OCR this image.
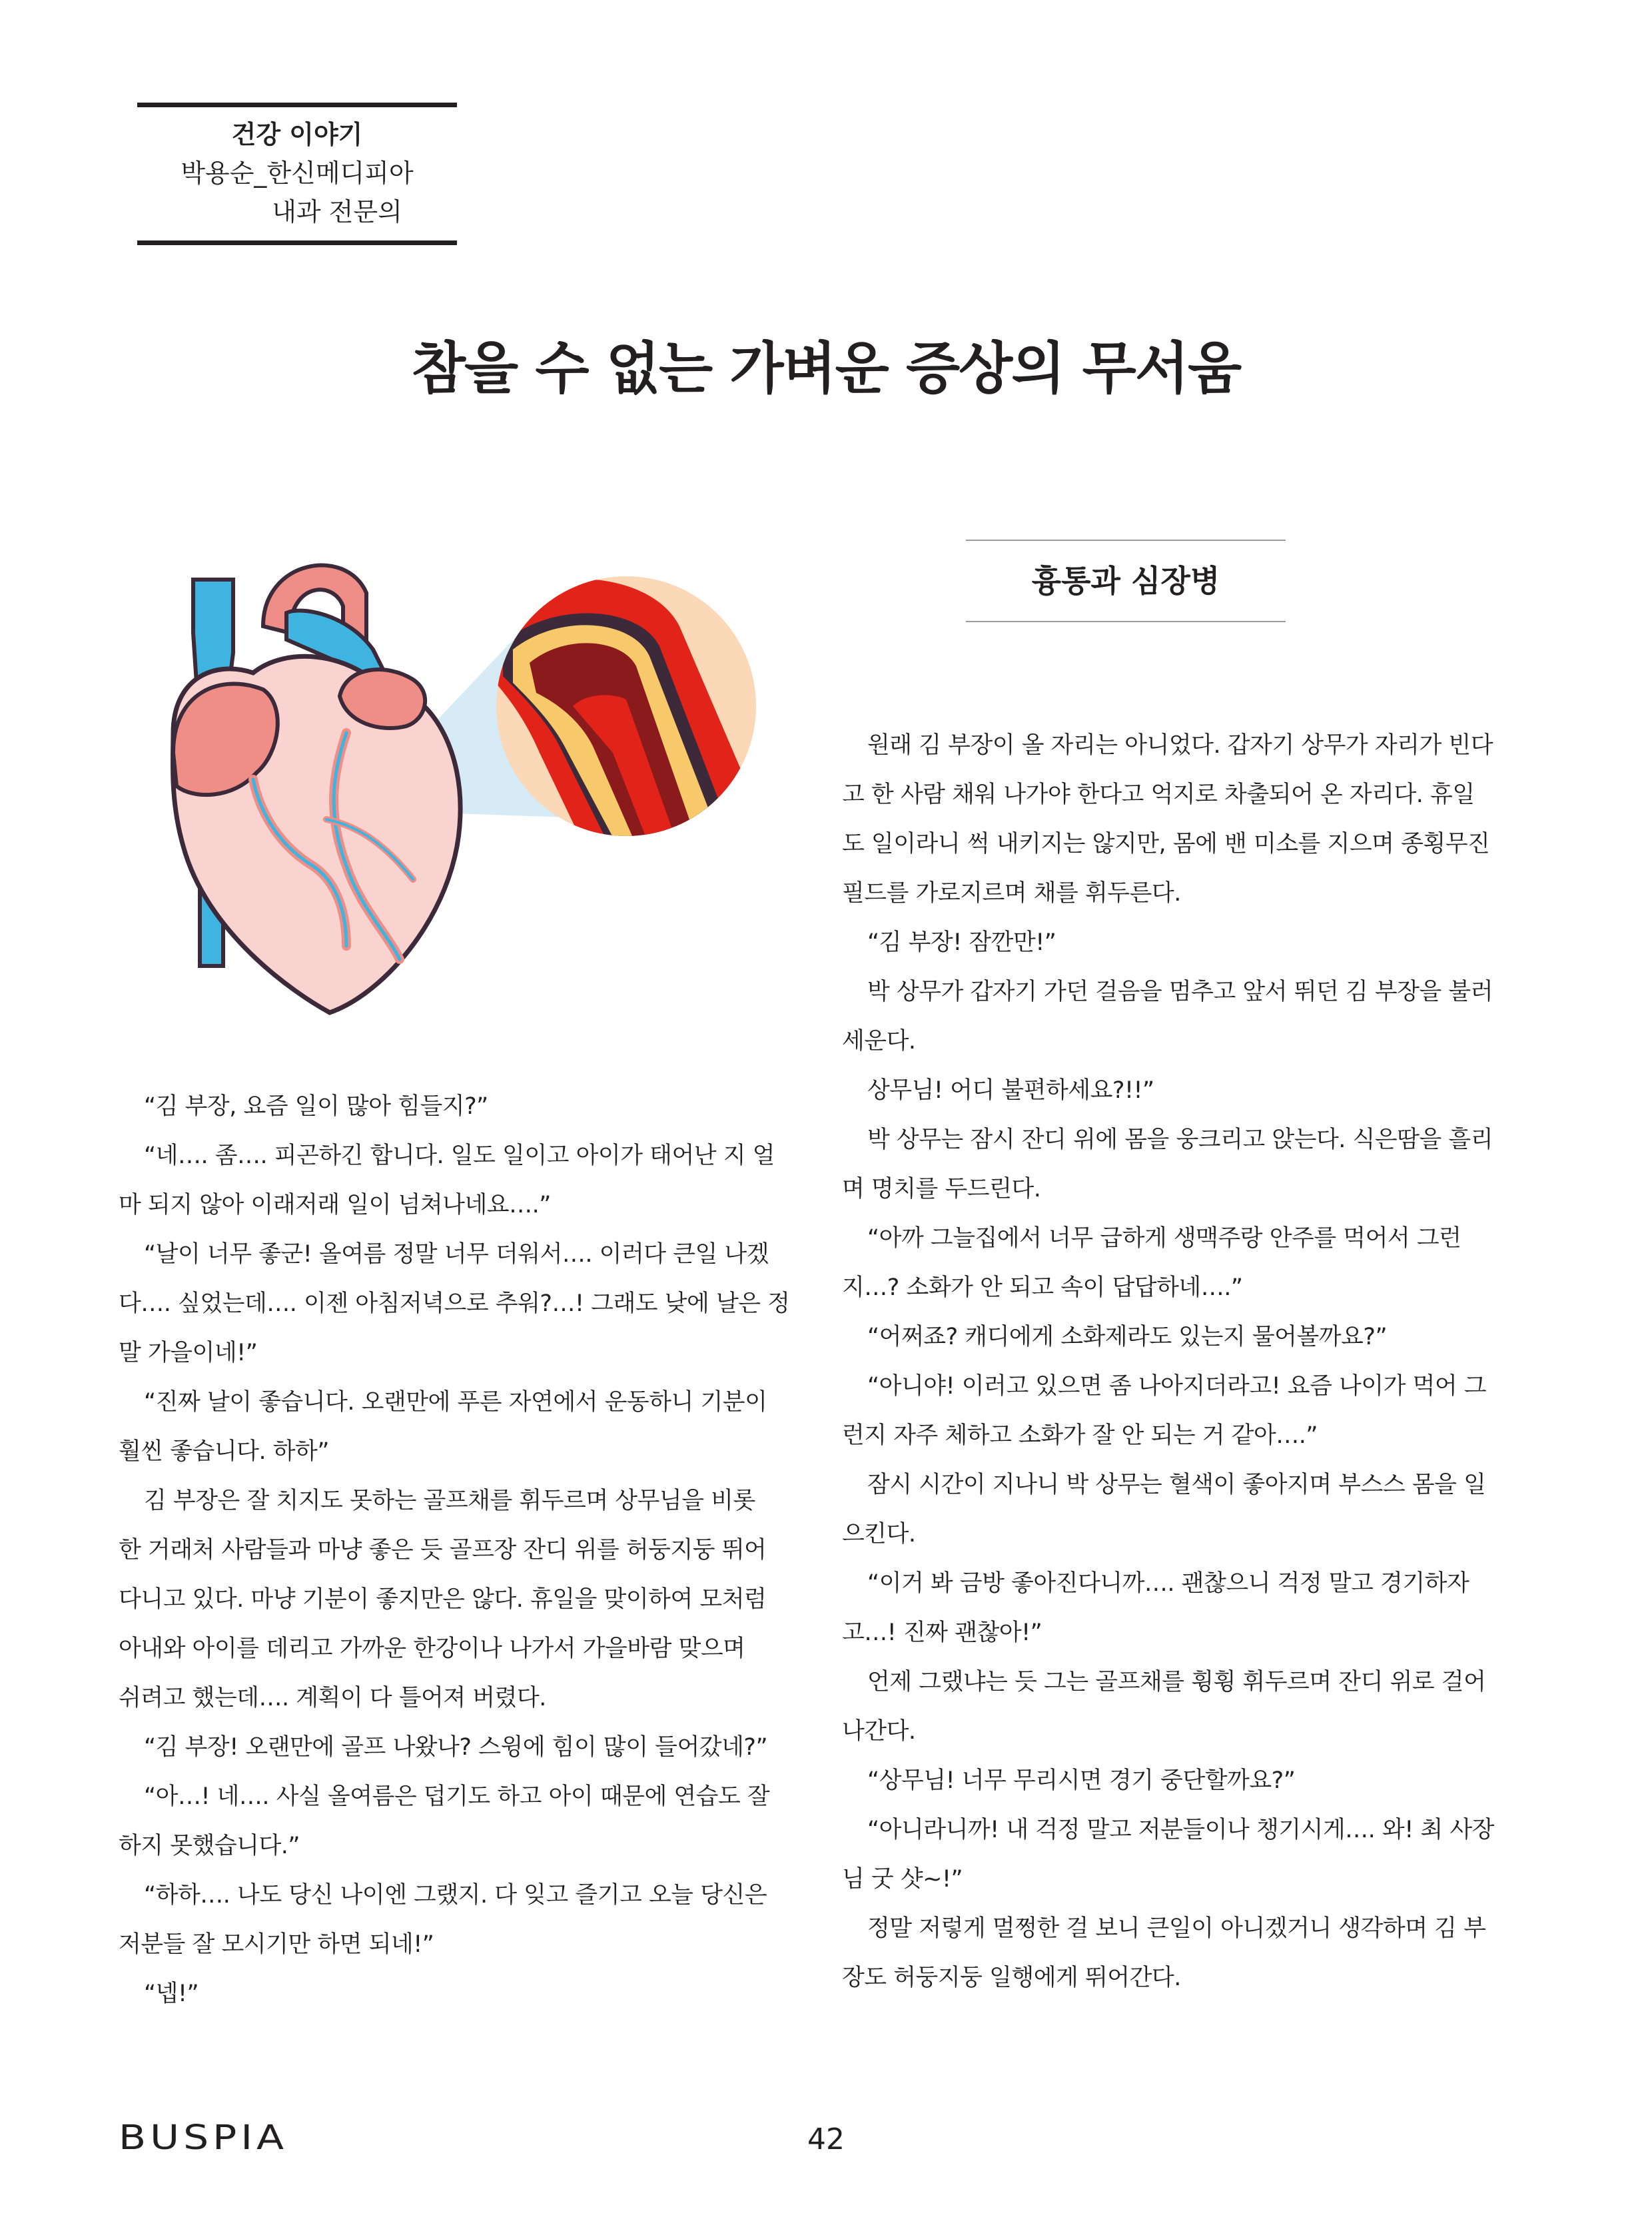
건강 이야기
박용순_한신메디피아
내과 전문의
참을 수 없는 가벼운 증상의 무서움
흉통과 심장병

“김 부장, 요즘 일이 많아 힘들지?”

“네…. 좀…. 피곤하긴 합니다. 일도 일이고 아이가 태어난 지 얼

마 되지 않아 이래저래 일이 넘쳐나네요….”

“날이 너무 좋군! 올여름 정말 너무 더워서…. 이러다 큰일 나겠

다…. 싶었는데…. 이젠 아침저녁으로 추워?…! 그래도 낮에 날은 정

말 가을이네!”

“진짜 날이 좋습니다. 오랜만에 푸른 자연에서 운동하니 기분이

훨씬 좋습니다. 하하”

김 부장은 잘 치지도 못하는 골프채를 휘두르며 상무님을 비롯

한 거래처 사람들과 마냥 좋은 듯 골프장 잔디 위를 허둥지둥 뛰어

다니고 있다. 마냥 기분이 좋지만은 않다. 휴일을 맞이하여 모처럼

아내와 아이를 데리고 가까운 한강이나 나가서 가을바람 맞으며

쉬려고 했는데…. 계획이 다 틀어져 버렸다.

“김 부장! 오랜만에 골프 나왔나? 스윙에 힘이 많이 들어갔네?”

“아…! 네…. 사실 올여름은 덥기도 하고 아이 때문에 연습도 잘

하지 못했습니다.”

“하하…. 나도 당신 나이엔 그랬지. 다 잊고 즐기고 오늘 당신은

저분들 잘 모시기만 하면 되네!”

“넵!”

원래 김 부장이 올 자리는 아니었다. 갑자기 상무가 자리가 빈다

고 한 사람 채워 나가야 한다고 억지로 차출되어 온 자리다. 휴일

도 일이라니 썩 내키지는 않지만, 몸에 밴 미소를 지으며 종횡무진

필드를 가로지르며 채를 휘두른다.

“김 부장! 잠깐만!”

박 상무가 갑자기 가던 걸음을 멈추고 앞서 뛰던 김 부장을 불러

세운다.

상무님! 어디 불편하세요?!!”

박 상무는 잠시 잔디 위에 몸을 웅크리고 앉는다. 식은땀을 흘리

며 명치를 두드린다.

“아까 그늘집에서 너무 급하게 생맥주랑 안주를 먹어서 그런

지…? 소화가 안 되고 속이 답답하네….”

“어쩌죠? 캐디에게 소화제라도 있는지 물어볼까요?”

“아니야! 이러고 있으면 좀 나아지더라고! 요즘 나이가 먹어 그

런지 자주 체하고 소화가 잘 안 되는 거 같아….”

잠시 시간이 지나니 박 상무는 혈색이 좋아지며 부스스 몸을 일

으킨다.

“이거 봐 금방 좋아진다니까…. 괜찮으니 걱정 말고 경기하자

고…! 진짜 괜찮아!”

언제 그랬냐는 듯 그는 골프채를 휭휭 휘두르며 잔디 위로 걸어

나간다.

“상무님! 너무 무리시면 경기 중단할까요?”

“아니라니까! 내 걱정 말고 저분들이나 챙기시게…. 와! 최 사장

님 굿 샷~!”

정말 저렇게 멀쩡한 걸 보니 큰일이 아니겠거니 생각하며 김 부

장도 허둥지둥 일행에게 뛰어간다.

BUSPIA	42
